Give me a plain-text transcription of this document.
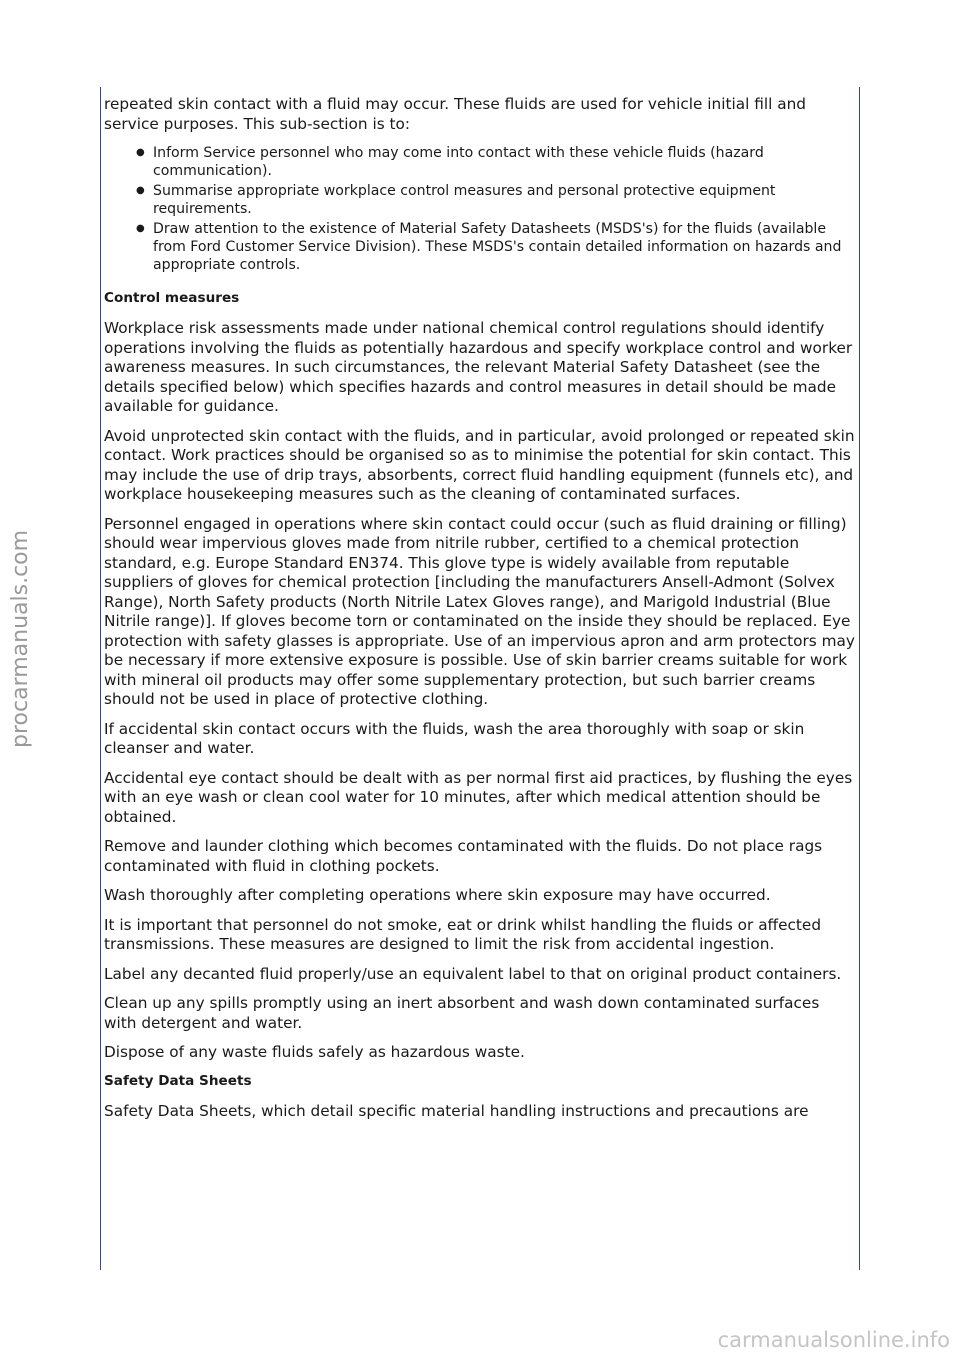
repeated skin contact with a fluid may occur. These fluids are used for vehicle initial fill and service purposes. This sub-section is to:

● Inform Service personnel who may come into contact with these vehicle fluids (hazard communication).
● Summarise appropriate workplace control measures and personal protective equipment requirements.
● Draw attention to the existence of Material Safety Datasheets (MSDS's) for the fluids (available from Ford Customer Service Division). These MSDS's contain detailed information on hazards and appropriate controls.
Control measures

Workplace risk assessments made under national chemical control regulations should identify operations involving the fluids as potentially hazardous and specify workplace control and worker awareness measures. In such circumstances, the relevant Material Safety Datasheet (see the details specified below) which specifies hazards and control measures in detail should be made available for guidance.

Avoid unprotected skin contact with the fluids, and in particular, avoid prolonged or repeated skin contact. Work practices should be organised so as to minimise the potential for skin contact. This may include the use of drip trays, absorbents, correct fluid handling equipment (funnels etc), and workplace housekeeping measures such as the cleaning of contaminated surfaces.

Personnel engaged in operations where skin contact could occur (such as fluid draining or filling) should wear impervious gloves made from nitrile rubber, certified to a chemical protection standard, e.g. Europe Standard EN374. This glove type is widely available from reputable suppliers of gloves for chemical protection [including the manufacturers Ansell-Admont (Solvex Range), North Safety products (North Nitrile Latex Gloves range), and Marigold Industrial (Blue Nitrile range)]. If gloves become torn or contaminated on the inside they should be replaced. Eye protection with safety glasses is appropriate. Use of an impervious apron and arm protectors may be necessary if more extensive exposure is possible. Use of skin barrier creams suitable for work with mineral oil products may offer some supplementary protection, but such barrier creams should not be used in place of protective clothing.

If accidental skin contact occurs with the fluids, wash the area thoroughly with soap or skin cleanser and water.

Accidental eye contact should be dealt with as per normal first aid practices, by flushing the eyes with an eye wash or clean cool water for 10 minutes, after which medical attention should be obtained.

Remove and launder clothing which becomes contaminated with the fluids. Do not place rags contaminated with fluid in clothing pockets.

Wash thoroughly after completing operations where skin exposure may have occurred.

It is important that personnel do not smoke, eat or drink whilst handling the fluids or affected transmissions. These measures are designed to limit the risk from accidental ingestion.

Label any decanted fluid properly/use an equivalent label to that on original product containers.

Clean up any spills promptly using an inert absorbent and wash down contaminated surfaces with detergent and water.

Dispose of any waste fluids safely as hazardous waste.

Safety Data Sheets

Safety Data Sheets, which detail specific material handling instructions and precautions are

procarmanuals.com
carmanualsonline.info
